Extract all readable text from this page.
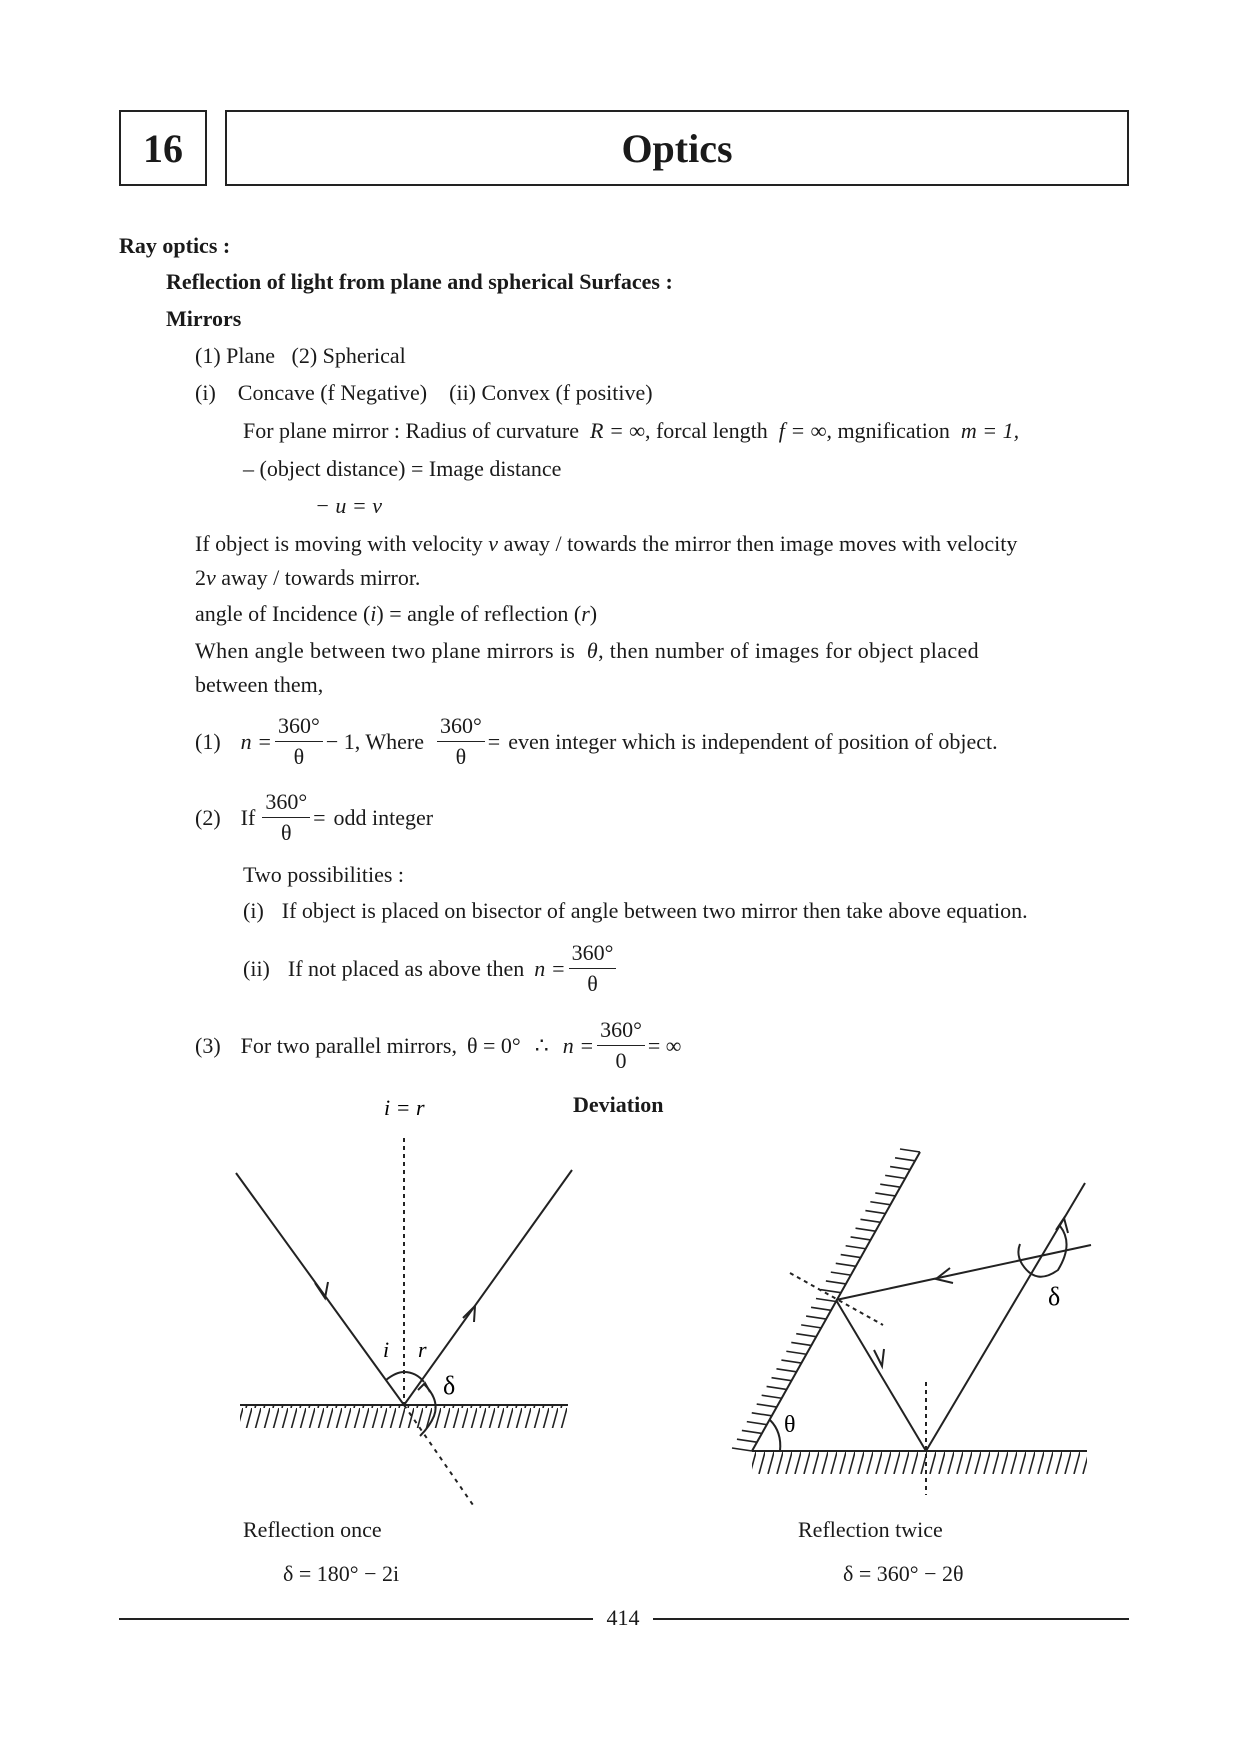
16	Optics
Ray optics :
Reflection of light from plane and spherical Surfaces :
Mirrors
(1) Plane (2) Spherical
(i) Concave (f Negative) (ii) Convex (f positive)
For plane mirror : Radius of curvature R = ∞, forcal length f = ∞, mgnification m = 1,
– (object distance) = Image distance
− u = v
If object is moving with velocity v away / towards the mirror then image moves with velocity
2v away / towards mirror.
angle of Incidence (i) = angle of reflection (r)
When angle between two plane mirrors is θ, then number of images for object placed
between them,
(1) $n = \frac{360^\circ}{\theta} - 1$ , Where $\frac{360^\circ}{\theta}$ = even integer which is independent of position of object.
(2) If $\frac{360^\circ}{\theta}$ = odd integer
Two possibilities :
(i) If object is placed on bisector of angle between two mirror then take above equation.
(ii) If not placed as above then $n = \frac{360^\circ}{\theta}$
(3) For two parallel mirrors, θ = 0° ∴ $n = \frac{360^\circ}{0}$ = ∞
Deviation
i = r
i r
δ
δ
θ
Reflection once
δ = 180° − 2i
Reflection twice
δ = 360° − 2θ
414
